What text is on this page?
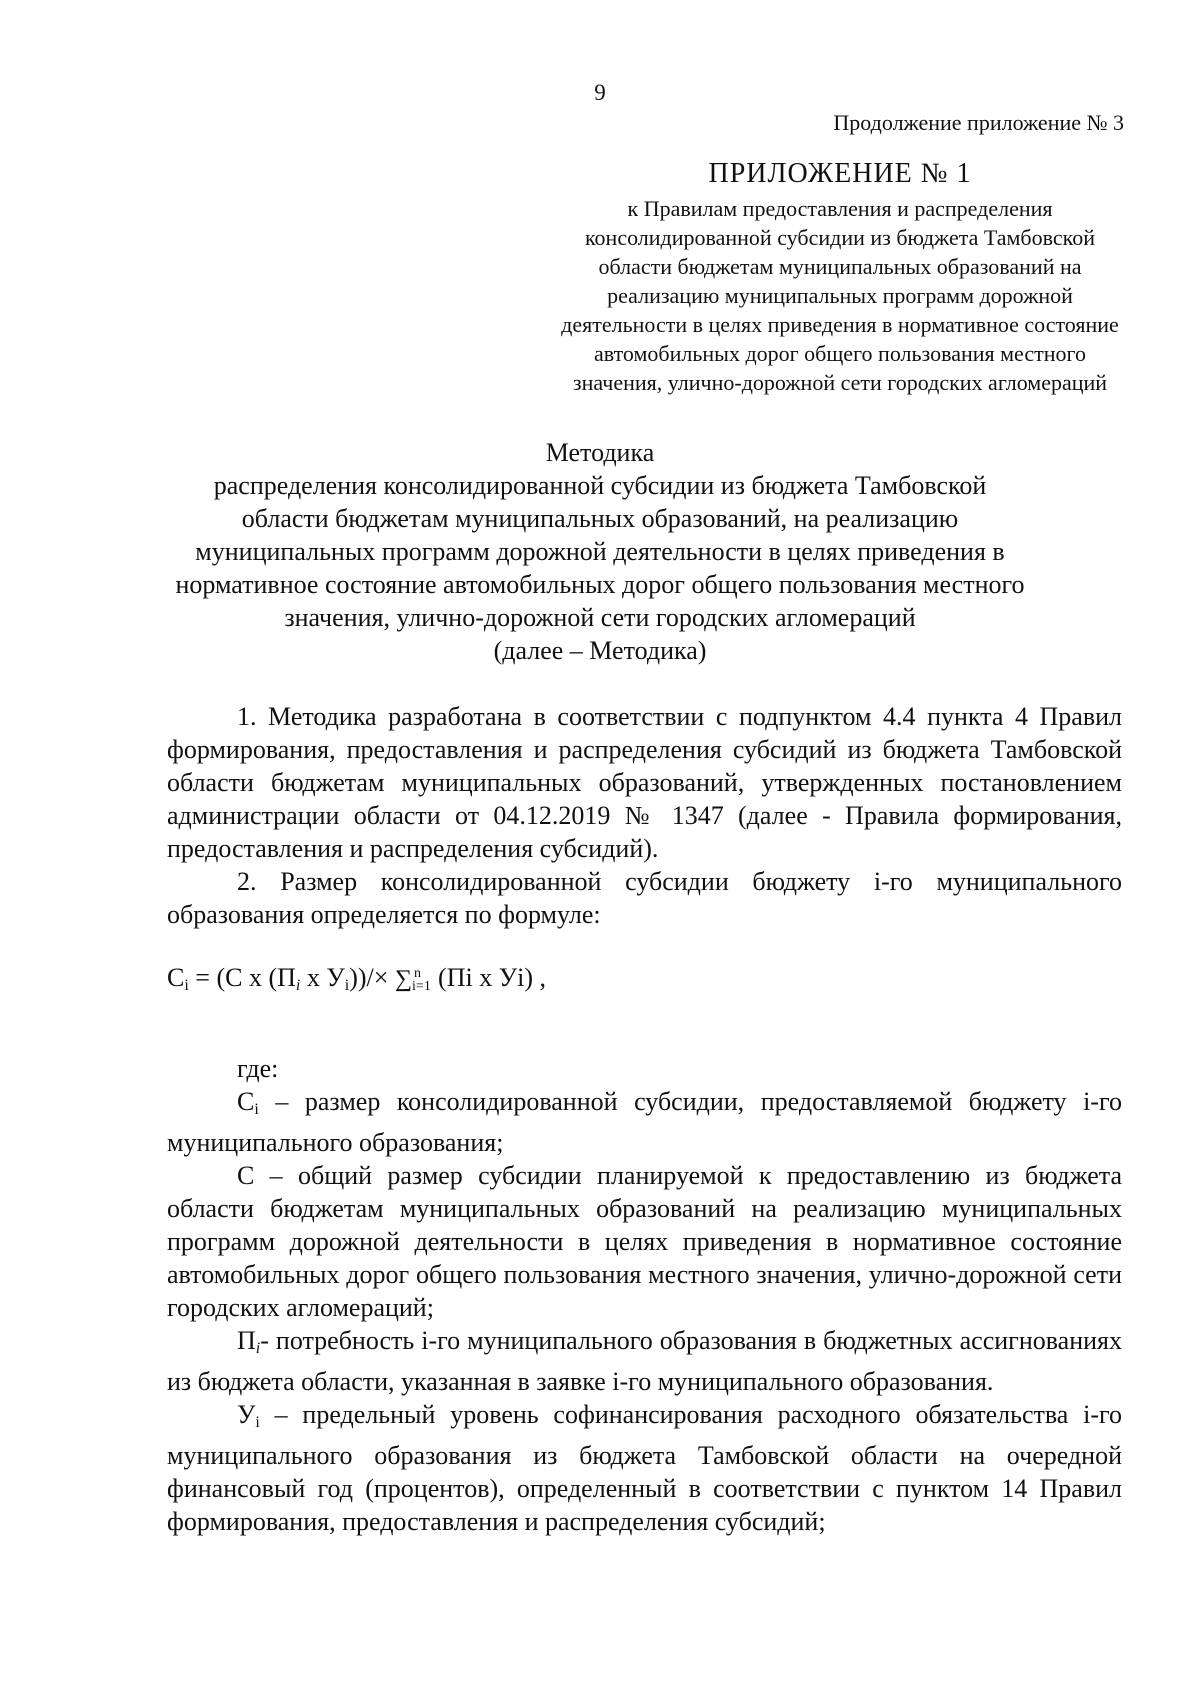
9
Продолжение приложение № 3
ПРИЛОЖЕНИЕ № 1
к Правилам предоставления и распределения
консолидированной субсидии из бюджета Тамбовской
области бюджетам муниципальных образований на
реализацию муниципальных программ дорожной
деятельности в целях приведения в нормативное состояние
автомобильных дорог общего пользования местного
значения, улично-дорожной сети городских агломераций
Методика
распределения консолидированной субсидии из бюджета Тамбовской
области бюджетам муниципальных образований, на реализацию
муниципальных программ дорожной деятельности в целях приведения в
нормативное состояние автомобильных дорог общего пользования местного
значения, улично-дорожной сети городских агломераций
(далее – Методика)

1. Методика разработана в соответствии с подпунктом 4.4 пункта 4 Правил формирования, предоставления и распределения субсидий из бюджета Тамбовской области бюджетам муниципальных образований, утвержденных постановлением администрации области от 04.12.2019 № 1347 (далее - Правила формирования, предоставления и распределения субсидий).

2. Размер консолидированной субсидии бюджету i-го муниципального образования определяется по формуле:

$C_i = (С$ х ($П_i$ х $У_i))/\times$ ∑ n
i=1 (Пi х Уi) ,

где:

$C_i$ – размер консолидированной субсидии, предоставляемой бюджету i-го муниципального образования;

С – общий размер субсидии планируемой к предоставлению из бюджета области бюджетам муниципальных образований на реализацию муниципальных программ дорожной деятельности в целях приведения в нормативное состояние автомобильных дорог общего пользования местного значения, улично-дорожной сети городских агломераций;

$П_i-$ потребность i-го муниципального образования в бюджетных ассигнованиях из бюджета области, указанная в заявке i-го муниципального образования.

$У_i$ – предельный уровень софинансирования расходного обязательства i-го муниципального образования из бюджета Тамбовской области на очередной финансовый год (процентов), определенный в соответствии с пунктом 14 Правил формирования, предоставления и распределения субсидий;
